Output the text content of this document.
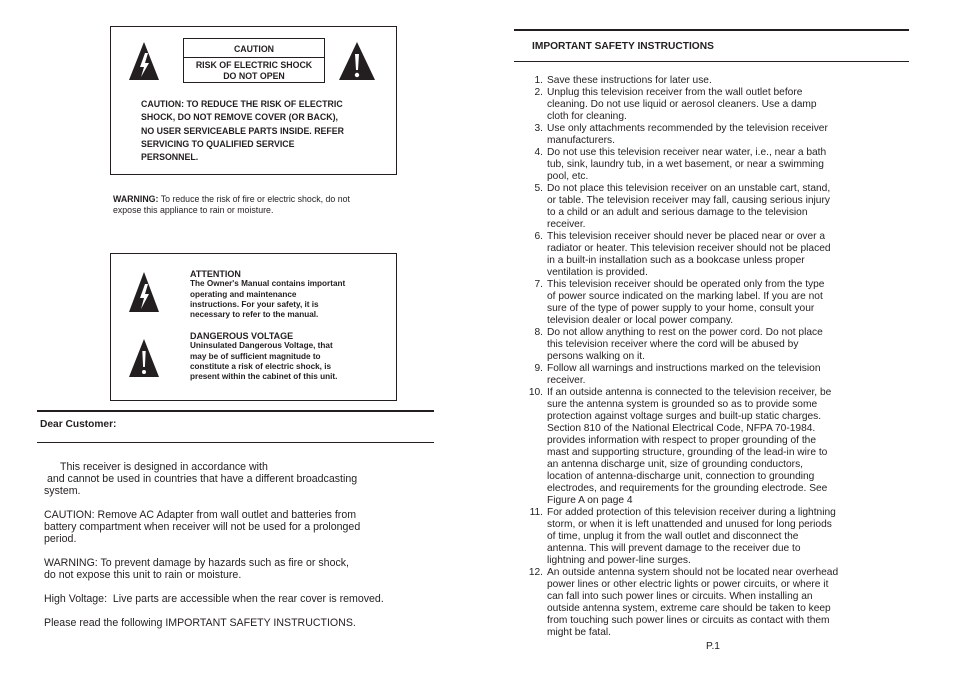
CAUTION
RISK OF ELECTRIC SHOCK
DO NOT OPEN
CAUTION: TO REDUCE THE RISK OF ELECTRIC
SHOCK, DO NOT REMOVE COVER (OR BACK),
NO USER SERVICEABLE PARTS INSIDE. REFER
SERVICING TO QUALIFIED SERVICE
PERSONNEL.
WARNING: To reduce the risk of fire or electric shock, do not
expose this appliance to rain or moisture.
ATTENTION
The Owner's Manual contains important
operating and maintenance
instructions. For your safety, it is
necessary to refer to the manual.
DANGEROUS VOLTAGE
Uninsulated Dangerous Voltage, that
may be of sufficient magnitude to
constitute a risk of electric shock, is
present within the cabinet of this unit.
Dear Customer:
This receiver is designed in accordance with
and cannot be used in countries that have a different broadcasting
system.
CAUTION: Remove AC Adapter from wall outlet and batteries from
battery compartment when receiver will not be used for a prolonged
period.
WARNING: To prevent damage by hazards such as fire or shock,
do not expose this unit to rain or moisture.
High Voltage:  Live parts are accessible when the rear cover is removed.
Please read the following IMPORTANT SAFETY INSTRUCTIONS.
IMPORTANT SAFETY INSTRUCTIONS
1. Save these instructions for later use.
2. Unplug this television receiver from the wall outlet before
cleaning. Do not use liquid or aerosol cleaners. Use a damp
cloth for cleaning.
3. Use only attachments recommended by the television receiver
manufacturers.
4. Do not use this television receiver near water, i.e., near a bath
tub, sink, laundry tub, in a wet basement, or near a swimming
pool, etc.
5. Do not place this television receiver on an unstable cart, stand,
or table. The television receiver may fall, causing serious injury
to a child or an adult and serious damage to the television
receiver.
6. This television receiver should never be placed near or over a
radiator or heater. This television receiver should not be placed
in a built-in installation such as a bookcase unless proper
ventilation is provided.
7. This television receiver should be operated only from the type
of power source indicated on the marking label. If you are not
sure of the type of power supply to your home, consult your
television dealer or local power company.
8. Do not allow anything to rest on the power cord. Do not place
this television receiver where the cord will be abused by
persons walking on it.
9. Follow all warnings and instructions marked on the television
receiver.
10. If an outside antenna is connected to the television receiver, be
sure the antenna system is grounded so as to provide some
protection against voltage surges and built-up static charges.
Section 810 of the National Electrical Code, NFPA 70-1984.
provides information with respect to proper grounding of the
mast and supporting structure, grounding of the lead-in wire to
an antenna discharge unit, size of grounding conductors,
location of antenna-discharge unit, connection to grounding
electrodes, and requirements for the grounding electrode. See
Figure A on page 4
11. For added protection of this television receiver during a lightning
storm, or when it is left unattended and unused for long periods
of time, unplug it from the wall outlet and disconnect the
antenna. This will prevent damage to the receiver due to
lightning and power-line surges.
12. An outside antenna system should not be located near overhead
power lines or other electric lights or power circuits, or where it
can fall into such power lines or circuits. When installing an
outside antenna system, extreme care should be taken to keep
from touching such power lines or circuits as contact with them
might be fatal.
P.1
